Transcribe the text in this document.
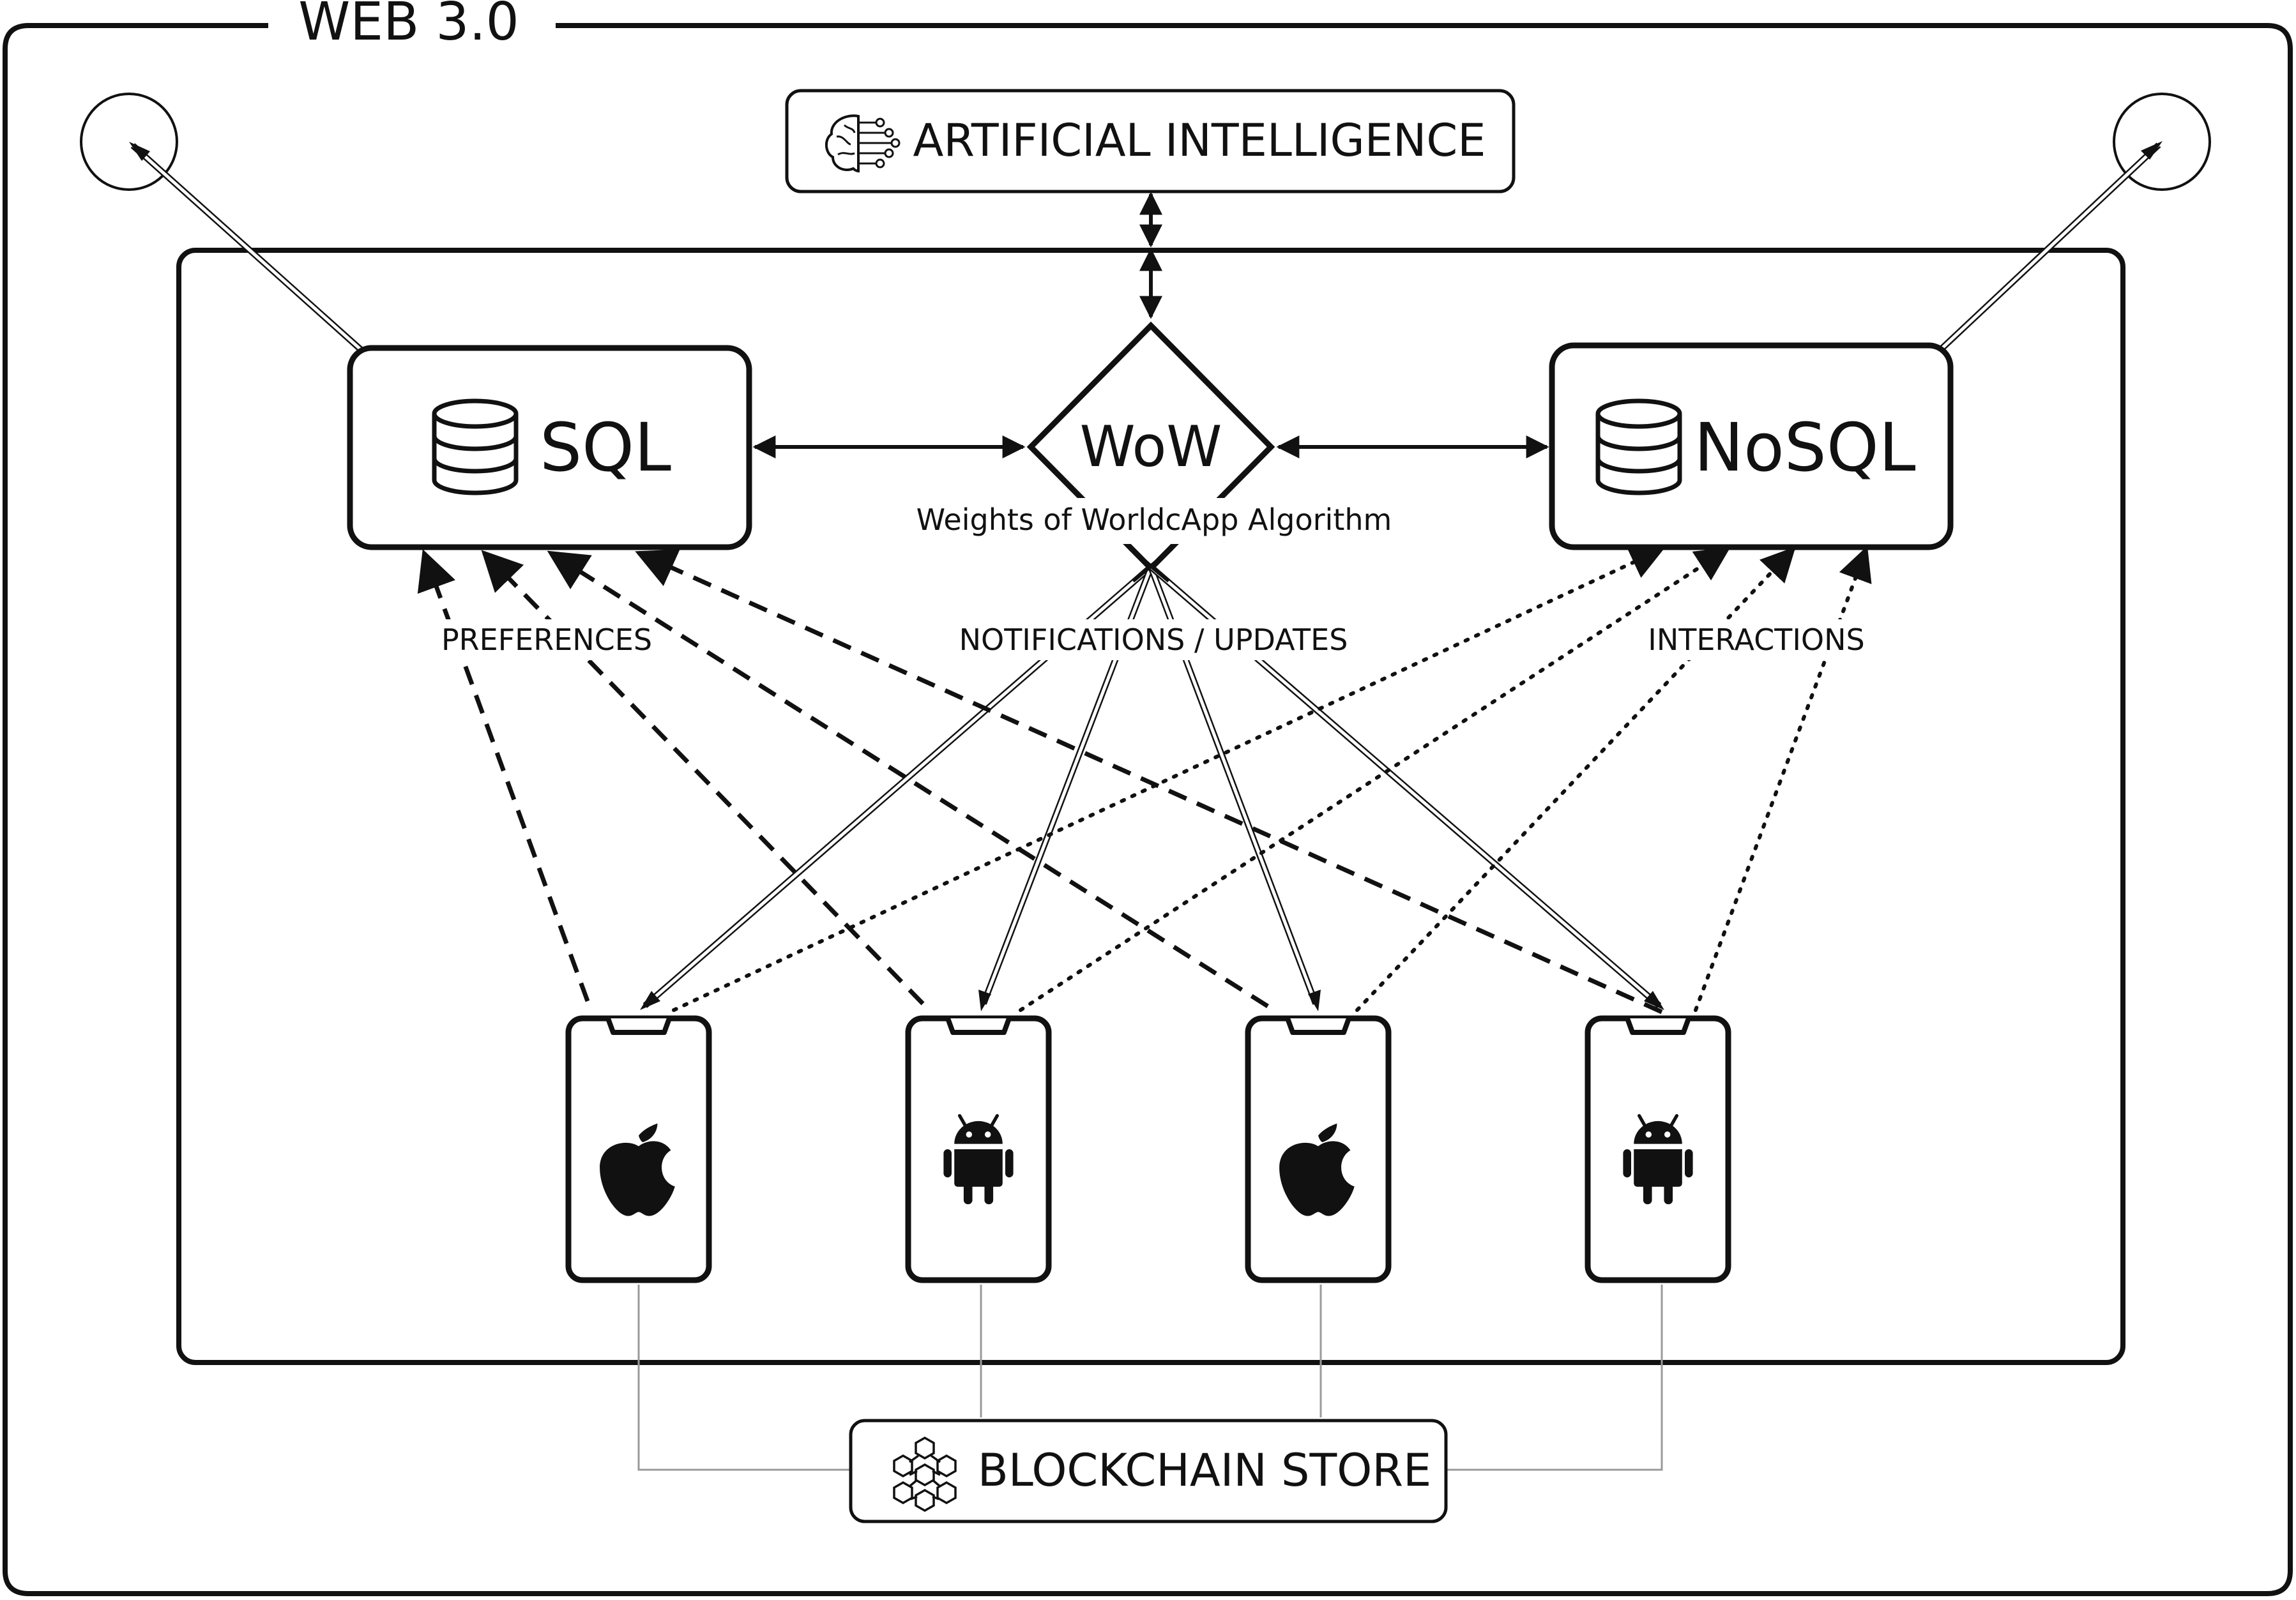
WEB 3.0
ARTIFICIAL INTELLIGENCE
WoW
Weights of WorldcApp Algorithm
SQL	NoSQL
PREFERENCES	NOTIFICATIONS / UPDATES	INTERACTIONS
BLOCKCHAIN STORE
